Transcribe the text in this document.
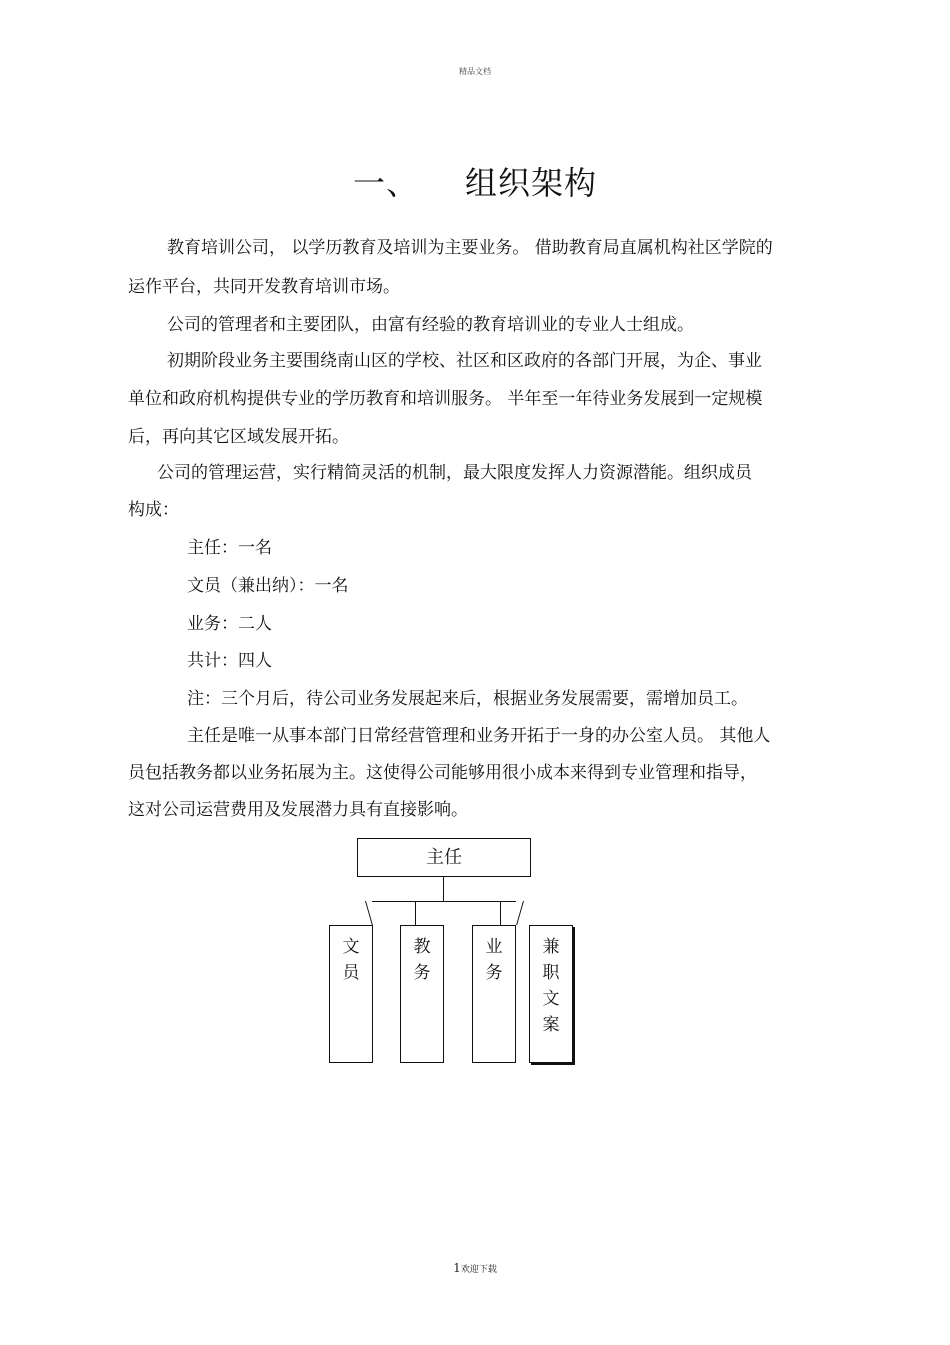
精品文档
一、 组织架构
教育培训公司， 以学历教育及培训为主要业务。 借助教育局直属机构社区学院的
运作平台，共同开发教育培训市场。
公司的管理者和主要团队，由富有经验的教育培训业的专业人士组成。
初期阶段业务主要围绕南山区的学校、社区和区政府的各部门开展，为企、事业
单位和政府机构提供专业的学历教育和培训服务。 半年至一年待业务发展到一定规模
后，再向其它区域发展开拓。
公司的管理运营，实行精简灵活的机制，最大限度发挥人力资源潜能。组织成员
构成：
主任：一名
文员（兼出纳）：一名
业务：二人
共计：四人
注：三个月后，待公司业务发展起来后，根据业务发展需要，需增加员工。
主任是唯一从事本部门日常经营管理和业务开拓于一身的办公室人员。 其他人
员包括教务都以业务拓展为主。这使得公司能够用很小成本来得到专业管理和指导，
这对公司运营费用及发展潜力具有直接影响。
主任
文
员
教
务
业
务
兼
职
文
案
1欢迎下载
